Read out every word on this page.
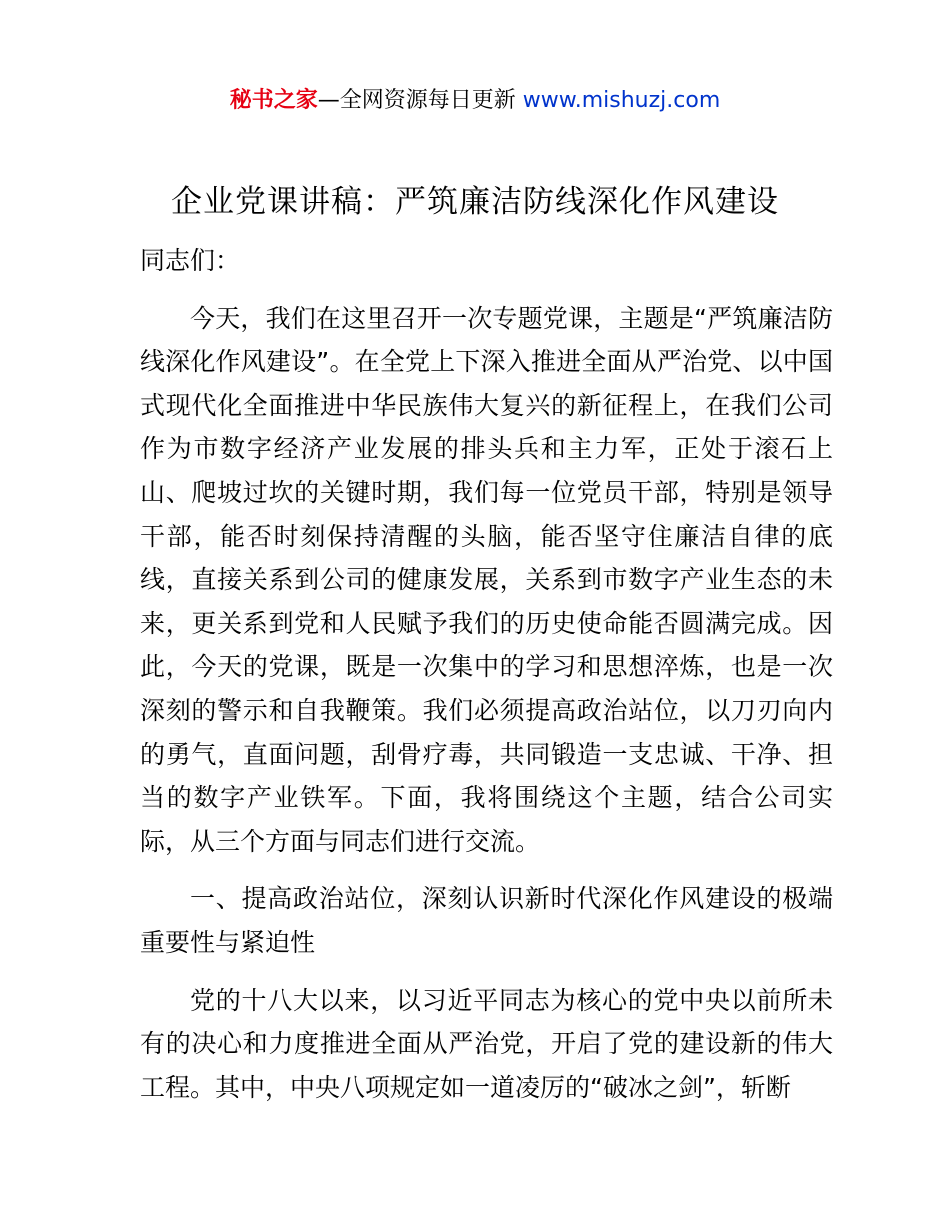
秘书之家—全网资源每日更新 www.mishuzj.com
企业党课讲稿：严筑廉洁防线深化作风建设

同志们：

今天，我们在这里召开一次专题党课，主题是“严筑廉洁防线深化作风建设”。在全党上下深入推进全面从严治党、以中国式现代化全面推进中华民族伟大复兴的新征程上，在我们公司作为市数字经济产业发展的排头兵和主力军，正处于滚石上山、爬坡过坎的关键时期，我们每一位党员干部，特别是领导干部，能否时刻保持清醒的头脑，能否坚守住廉洁自律的底线，直接关系到公司的健康发展，关系到市数字产业生态的未来，更关系到党和人民赋予我们的历史使命能否圆满完成。因此，今天的党课，既是一次集中的学习和思想淬炼，也是一次深刻的警示和自我鞭策。我们必须提高政治站位，以刀刃向内的勇气，直面问题，刮骨疗毒，共同锻造一支忠诚、干净、担当的数字产业铁军。下面，我将围绕这个主题，结合公司实际，从三个方面与同志们进行交流。

一、提高政治站位，深刻认识新时代深化作风建设的极端重要性与紧迫性

党的十八大以来，以习近平同志为核心的党中央以前所未有的决心和力度推进全面从严治党，开启了党的建设新的伟大工程。其中，中央八项规定如一道凌厉的“破冰之剑”，斩断
